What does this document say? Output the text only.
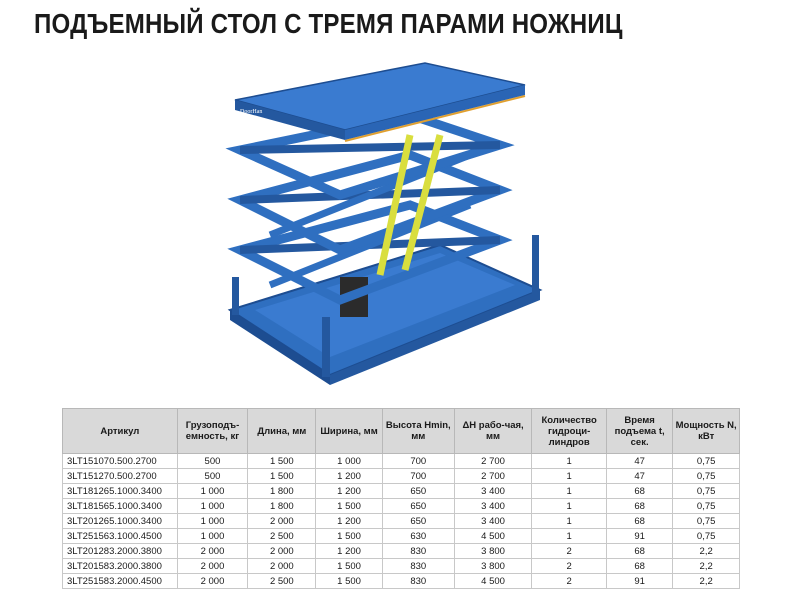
ПОДЪЕМНЫЙ СТОЛ С ТРЕМЯ ПАРАМИ НОЖНИЦ
DoorHan
Артикул	Грузоподъ-емность, кг	Длина, мм	Ширина, мм	Высота Hmin, мм	ΔH рабо-чая, мм	Количество гидроци-линдров	Время подъема t, сек.	Мощность N, кВт
3LT151070.500.2700	500	1 500	1 000	700	2 700	1	47	0,75
3LT151270.500.2700	500	1 500	1 200	700	2 700	1	47	0,75
3LT181265.1000.3400	1 000	1 800	1 200	650	3 400	1	68	0,75
3LT181565.1000.3400	1 000	1 800	1 500	650	3 400	1	68	0,75
3LT201265.1000.3400	1 000	2 000	1 200	650	3 400	1	68	0,75
3LT251563.1000.4500	1 000	2 500	1 500	630	4 500	1	91	0,75
3LT201283.2000.3800	2 000	2 000	1 200	830	3 800	2	68	2,2
3LT201583.2000.3800	2 000	2 000	1 500	830	3 800	2	68	2,2
3LT251583.2000.4500	2 000	2 500	1 500	830	4 500	2	91	2,2
